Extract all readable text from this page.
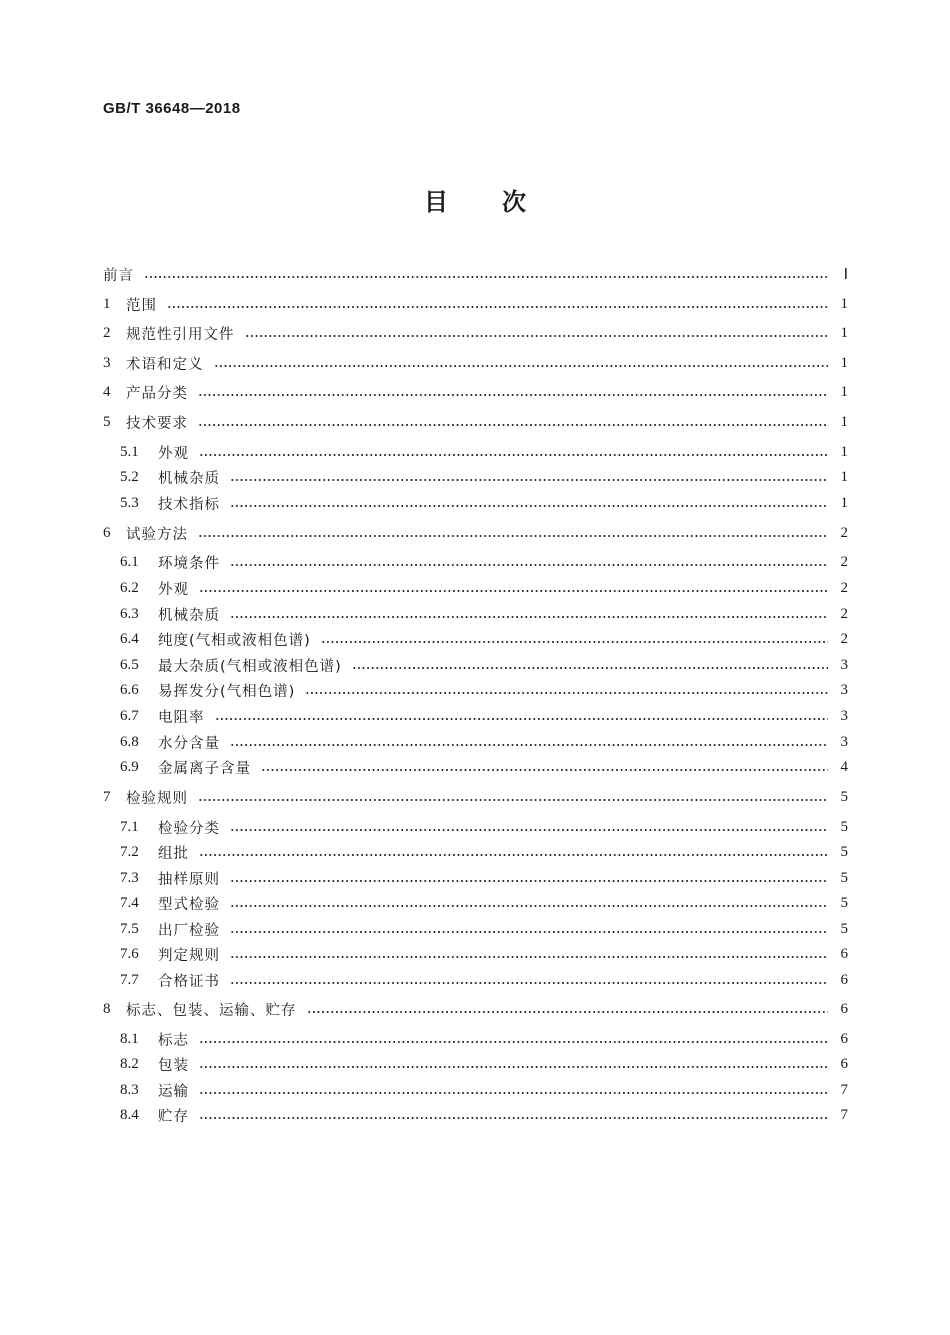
GB/T 36648—2018
目 次
前言	Ⅰ
1	范围	1
2	规范性引用文件	1
3	术语和定义	1
4	产品分类	1
5	技术要求	1
5.1	外观	1
5.2	机械杂质	1
5.3	技术指标	1
6	试验方法	2
6.1	环境条件	2
6.2	外观	2
6.3	机械杂质	2
6.4	纯度(气相或液相色谱)	2
6.5	最大杂质(气相或液相色谱)	3
6.6	易挥发分(气相色谱)	3
6.7	电阻率	3
6.8	水分含量	3
6.9	金属离子含量	4
7	检验规则	5
7.1	检验分类	5
7.2	组批	5
7.3	抽样原则	5
7.4	型式检验	5
7.5	出厂检验	5
7.6	判定规则	6
7.7	合格证书	6
8	标志、包装、运输、贮存	6
8.1	标志	6
8.2	包装	6
8.3	运输	7
8.4	贮存	7
